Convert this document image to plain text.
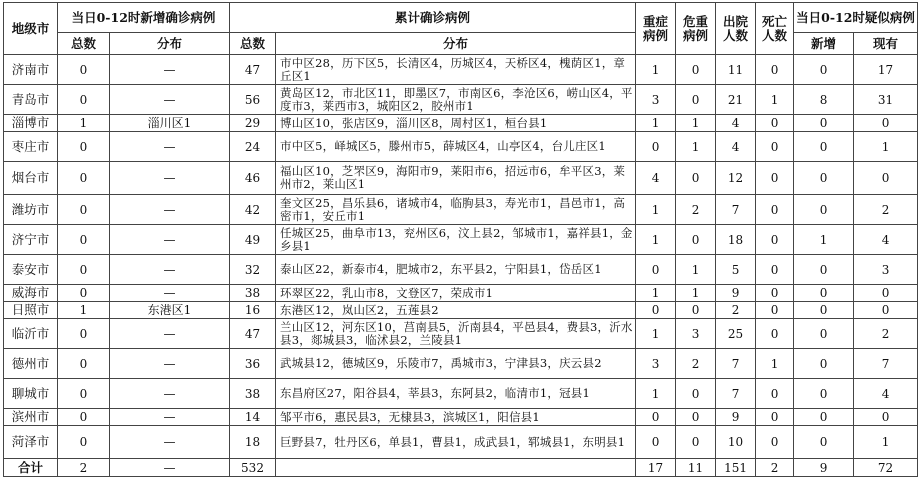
地级市	当日0-12时新增确诊病例		累计确诊病例		重症病例	危重病例	出院人数	死亡人数	当日0-12时疑似病例	
	总数	分布	总数	分布					新增	现有
济南市	0	—	47	市中区28，历下区5，长清区4，历城区4，天桥区4，槐荫区1，章丘区1	1	0	11	0	0	17
青岛市	0	—	56	黄岛区12，市北区11，即墨区7，市南区6，李沧区6，崂山区4，平度市3，莱西市3，城阳区2，胶州市1	3	0	21	1	8	31
淄博市	1	淄川区1	29	博山区10，张店区9，淄川区8，周村区1，桓台县1	1	1	4	0	0	0
枣庄市	0	—	24	市中区5，峄城区5，滕州市5，薛城区4，山亭区4，台儿庄区1	0	1	4	0	0	1
烟台市	0	—	46	福山区10，芝罘区9，海阳市9，莱阳市6，招远市6，牟平区3，莱州市2，莱山区1	4	0	12	0	0	0
潍坊市	0	—	42	奎文区25，昌乐县6，诸城市4，临朐县3，寿光市1，昌邑市1，高密市1，安丘市1	1	2	7	0	0	2
济宁市	0	—	49	任城区25，曲阜市13，兖州区6，汶上县2，邹城市1，嘉祥县1，金乡县1	1	0	18	0	1	4
泰安市	0	—	32	泰山区22，新泰市4，肥城市2，东平县2，宁阳县1，岱岳区1	0	1	5	0	0	3
威海市	0	—	38	环翠区22，乳山市8，文登区7，荣成市1	1	1	9	0	0	0
日照市	1	东港区1	16	东港区12，岚山区2，五莲县2	0	0	2	0	0	0
临沂市	0	—	47	兰山区12，河东区10，莒南县5，沂南县4，平邑县4，费县3，沂水县3，郯城县3，临沭县2，兰陵县1	1	3	25	0	0	2
德州市	0	—	36	武城县12，德城区9，乐陵市7，禹城市3，宁津县3，庆云县2	3	2	7	1	0	7
聊城市	0	—	38	东昌府区27，阳谷县4，莘县3，东阿县2，临清市1，冠县1	1	0	7	0	0	4
滨州市	0	—	14	邹平市6，惠民县3，无棣县3，滨城区1，阳信县1	0	0	9	0	0	0
菏泽市	0	—	18	巨野县7，牡丹区6，单县1，曹县1，成武县1，郓城县1，东明县1	0	0	10	0	0	1
合计	2	—	532		17	11	151	2	9	72
